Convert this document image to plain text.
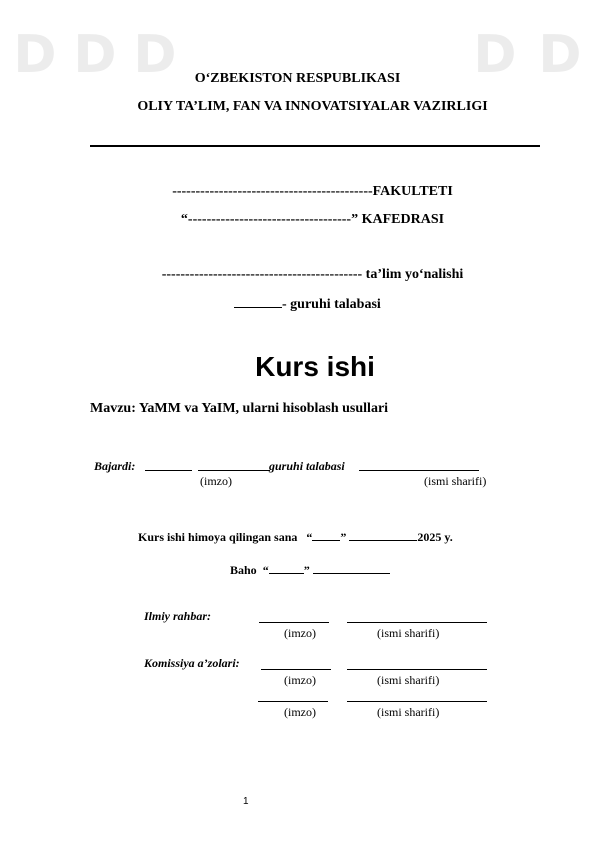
D D D	D D
O‘ZBEKISTON RESPUBLIKASI
OLIY TA’LIM, FAN VA INNOVATSIYALAR VAZIRLIGI
-------------------------------------------FAKULTETI
“-----------------------------------” KAFEDRASI
------------------------------------------- ta’lim yo‘nalishi
- guruhi talabasi
Kurs ishi
Mavzu: YaMM va YaIM, ularni hisoblash usullari
Bajardi:	guruhi talabasi
(imzo)	(ismi sharifi)
Kurs ishi himoya qilingan sana “ ”	2025 y.
Baho “	”
Ilmiy rahbar:
(imzo)	(ismi sharifi)
Komissiya a’zolari:
(imzo)	(ismi sharifi)
(imzo)	(ismi sharifi)
1
